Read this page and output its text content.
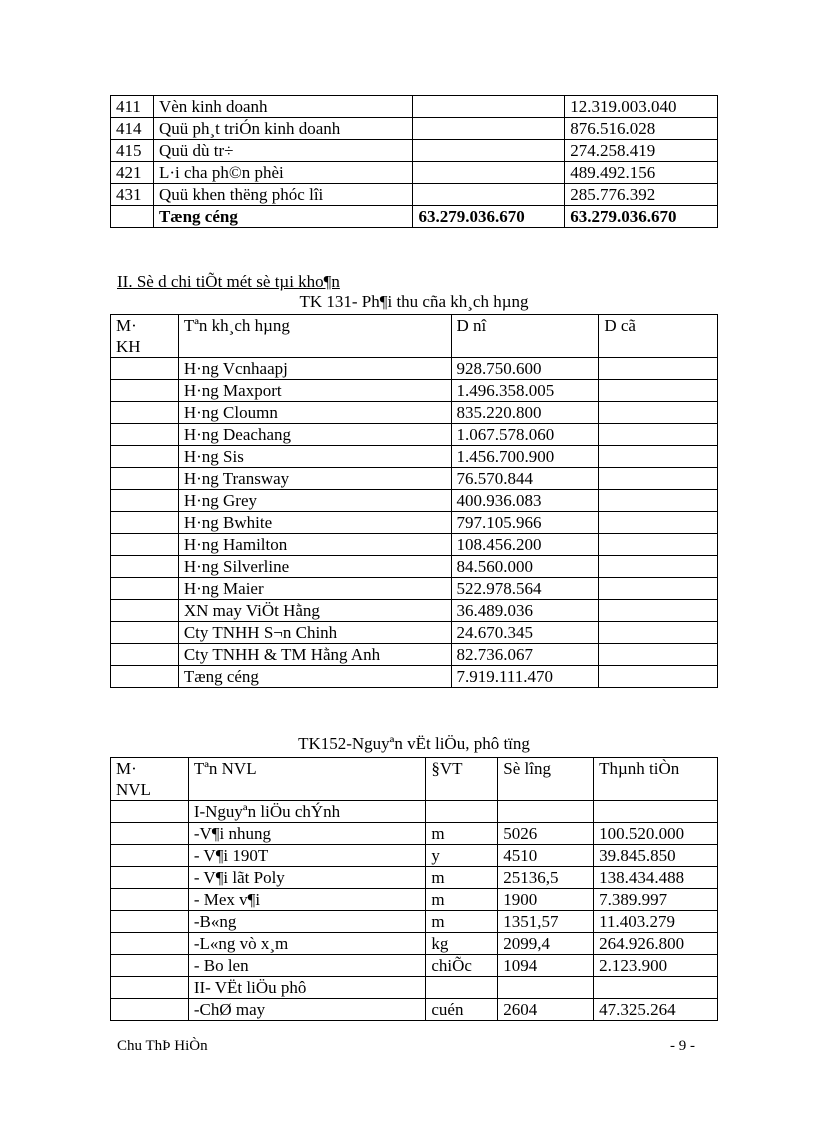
411	Vèn kinh doanh		12.319.003.040
414	Quü ph¸t triÓn kinh doanh		876.516.028
415	Quü dù tr÷		274.258.419
421	L·i cha ph©n phèi		489.492.156
431	Quü khen thëng phóc lîi		285.776.392
	Tæng céng	63.279.036.670	63.279.036.670

II. Sè d chi tiÕt mét sè tµi kho¶n

TK 131- Ph¶i thu cña kh¸ch hµng
M·
KH	Tªn kh¸ch hµng	D nî	D cã
	H·ng Vcnhaapj	928.750.600	
	H·ng Maxport	1.496.358.005	
	H·ng Cloumn	835.220.800	
	H·ng Deachang	1.067.578.060	
	H·ng Sis	1.456.700.900	
	H·ng Transway	76.570.844	
	H·ng Grey	400.936.083	
	H·ng Bwhite	797.105.966	
	H·ng Hamilton	108.456.200	
	H·ng Silverline	84.560.000	
	H·ng Maier	522.978.564	
	XN may ViÖt Hằng	36.489.036	
	Cty TNHH S¬n Chinh	24.670.345	
	Cty TNHH & TM Hằng Anh	82.736.067	
	Tæng céng	7.919.111.470	
TK152-Nguyªn vËt liÖu, phô tïng
M·
NVL	Tªn NVL	§VT	Sè lîng	Thµnh tiÒn
	I-Nguyªn liÖu chÝnh			
	-V¶i nhung	m	5026	100.520.000
	- V¶i 190T	y	4510	39.845.850
	- V¶i lãt Poly	m	25136,5	138.434.488
	- Mex v¶i	m	1900	7.389.997
	-B«ng	m	1351,57	11.403.279
	-L«ng vò x¸m	kg	2099,4	264.926.800
	- Bo len	chiÕc	1094	2.123.900
	II- VËt liÖu phô			
	-ChØ may	cuén	2604	47.325.264
Chu ThÞ HiÒn	- 9 -
